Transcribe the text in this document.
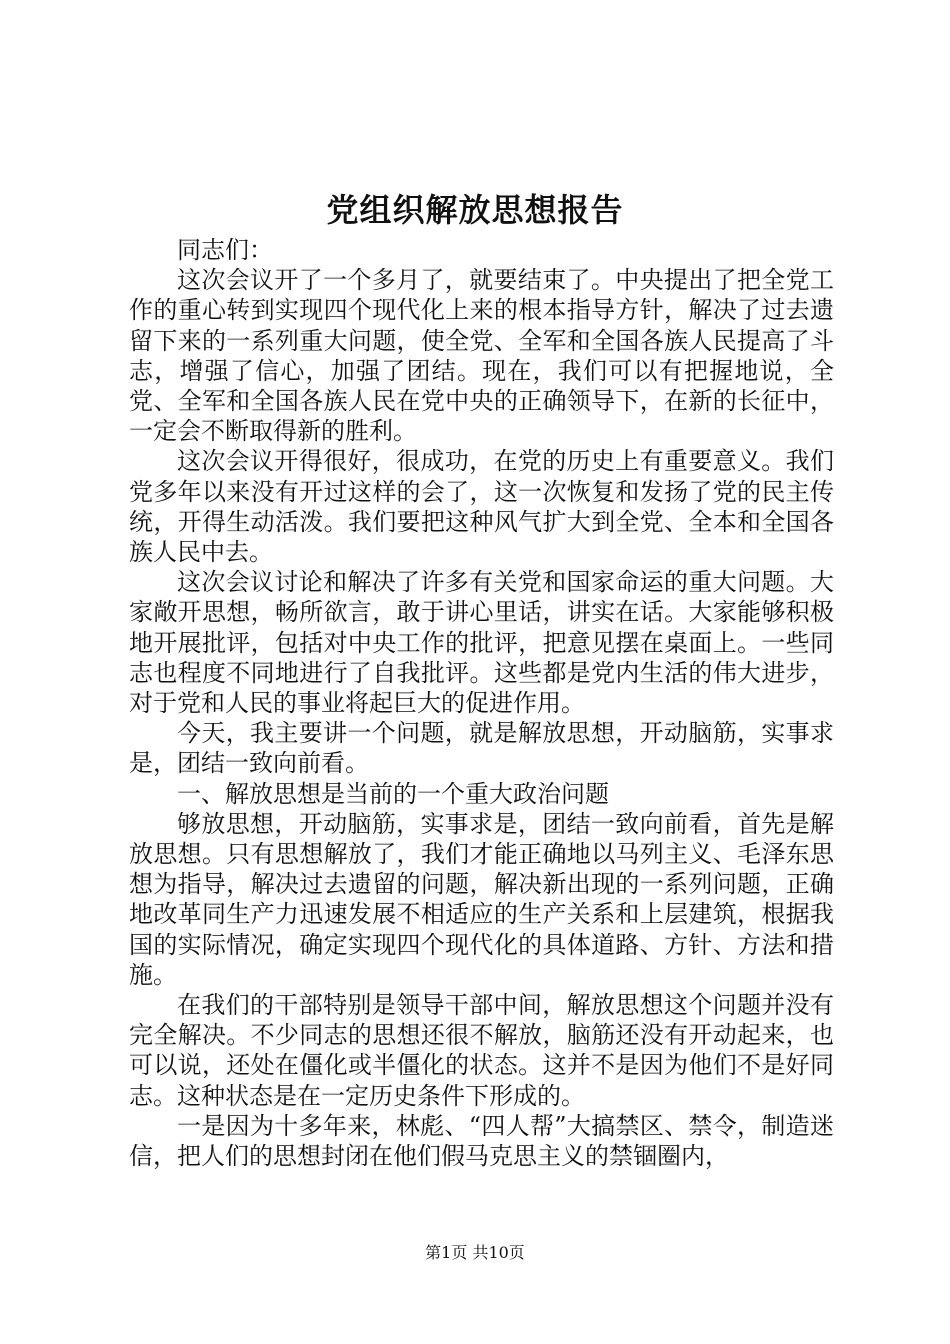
党组织解放思想报告

同志们：

这次会议开了一个多月了，就要结束了。中央提出了把全党工作的重心转到实现四个现代化上来的根本指导方针，解决了过去遗留下来的一系列重大问题，使全党、全军和全国各族人民提高了斗志，增强了信心，加强了团结。现在，我们可以有把握地说，全党、全军和全国各族人民在党中央的正确领导下，在新的长征中，一定会不断取得新的胜利。

这次会议开得很好，很成功，在党的历史上有重要意义。我们党多年以来没有开过这样的会了，这一次恢复和发扬了党的民主传统，开得生动活泼。我们要把这种风气扩大到全党、全本和全国各族人民中去。

这次会议讨论和解决了许多有关党和国家命运的重大问题。大家敞开思想，畅所欲言，敢于讲心里话，讲实在话。大家能够积极地开展批评，包括对中央工作的批评，把意见摆在桌面上。一些同志也程度不同地进行了自我批评。这些都是党内生活的伟大进步，对于党和人民的事业将起巨大的促进作用。

今天，我主要讲一个问题，就是解放思想，开动脑筋，实事求是，团结一致向前看。

一、解放思想是当前的一个重大政治问题

够放思想，开动脑筋，实事求是，团结一致向前看，首先是解放思想。只有思想解放了，我们才能正确地以马列主义、毛泽东思想为指导，解决过去遗留的问题，解决新出现的一系列问题，正确地改革同生产力迅速发展不相适应的生产关系和上层建筑，根据我国的实际情况，确定实现四个现代化的具体道路、方针、方法和措施。

在我们的干部特别是领导干部中间，解放思想这个问题并没有完全解决。不少同志的思想还很不解放，脑筋还没有开动起来，也可以说，还处在僵化或半僵化的状态。这并不是因为他们不是好同志。这种状态是在一定历史条件下形成的。

一是因为十多年来，林彪、“四人帮”大搞禁区、禁令，制造迷信，把人们的思想封闭在他们假马克思主义的禁锢圈内，

第1页 共10页
